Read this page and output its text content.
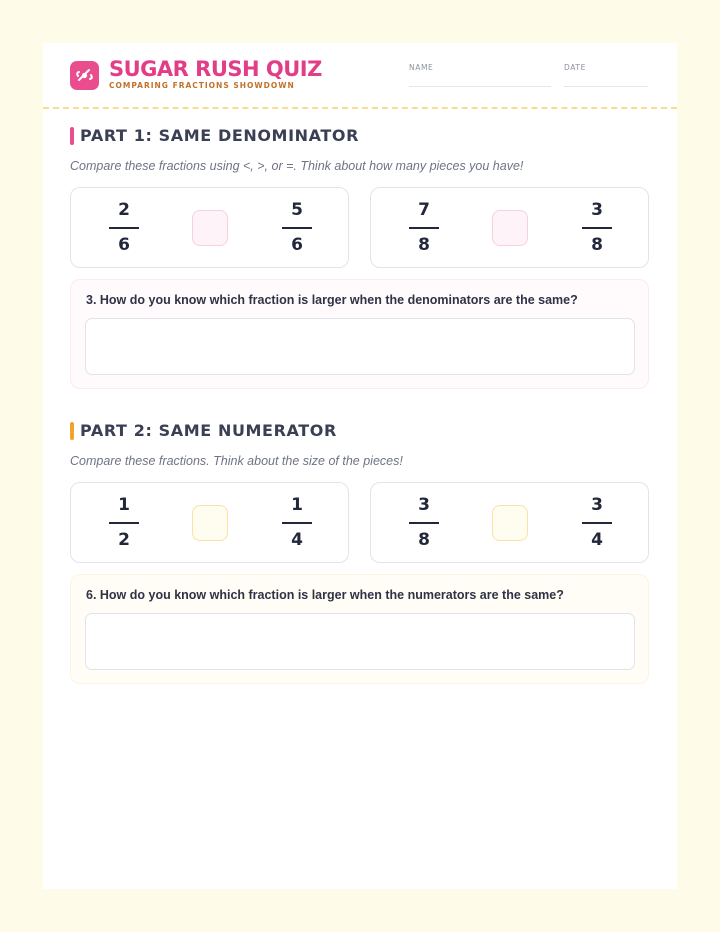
SUGAR RUSH QUIZ
COMPARING FRACTIONS SHOWDOWN
NAME	DATE
PART 1: SAME DENOMINATOR
Compare these fractions using <, >, or =. Think about how many pieces you have!
2
6
5
6
7
8
3
8
3. How do you know which fraction is larger when the denominators are the same?
PART 2: SAME NUMERATOR
Compare these fractions. Think about the size of the pieces!
1
2
1
4
3
8
3
4
6. How do you know which fraction is larger when the numerators are the same?
